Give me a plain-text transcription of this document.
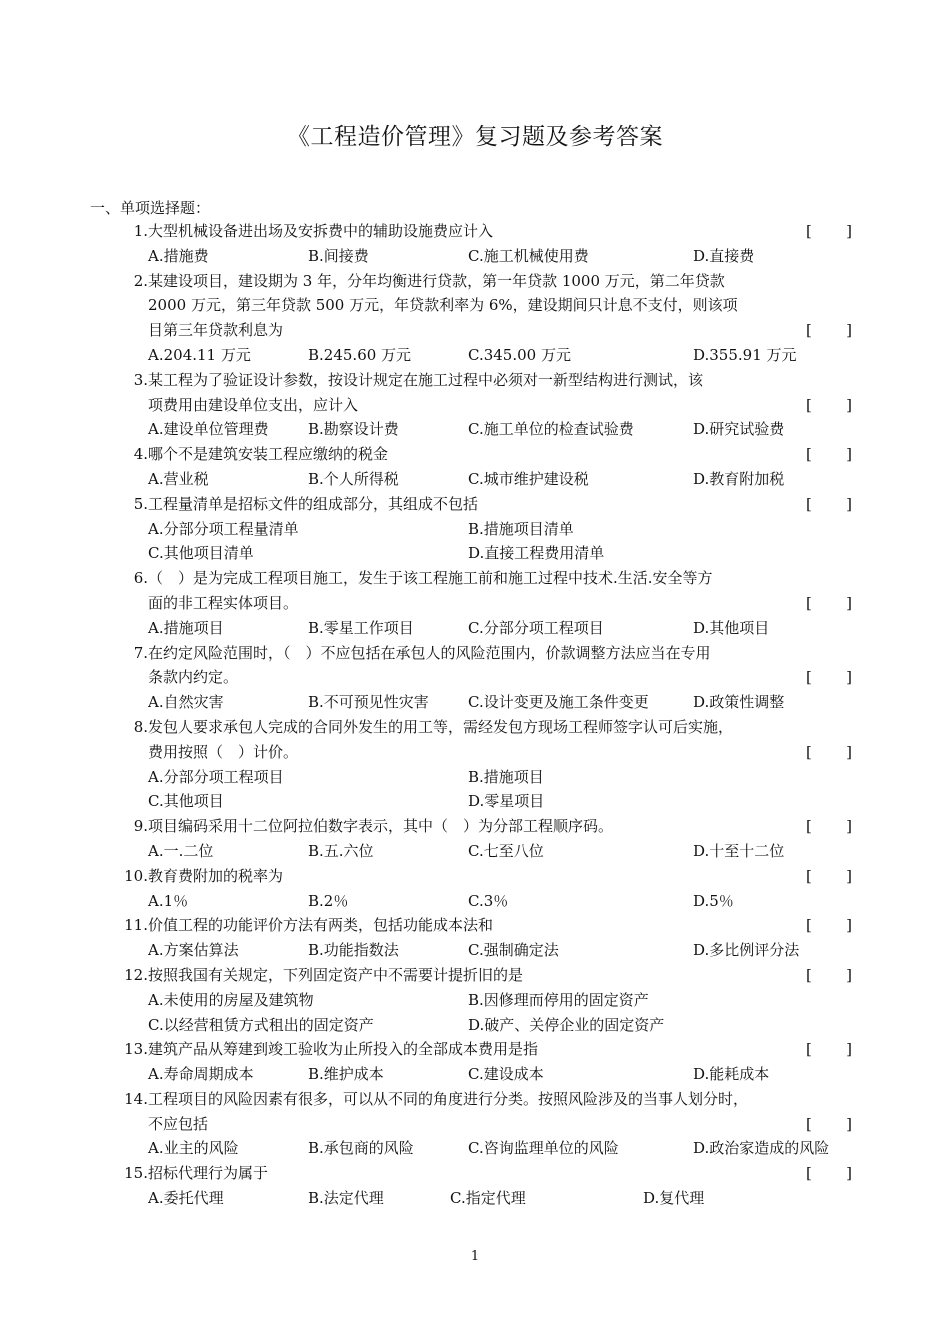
《工程造价管理》复习题及参考答案
一、单项选择题：
1. 大型机械设备进出场及安拆费中的辅助设施费应计入	[ ]
A.措施费	B.间接费	C.施工机械使用费	D.直接费
2. 某建设项目，建设期为 3 年，分年均衡进行贷款，第一年贷款 1000 万元，第二年贷款
2000 万元，第三年贷款 500 万元，年贷款利率为 6%，建设期间只计息不支付，则该项
目第三年贷款利息为	[ ]
A.204.11 万元	B.245.60 万元	C.345.00 万元	D.355.91 万元
3. 某工程为了验证设计参数，按设计规定在施工过程中必须对一新型结构进行测试，该
项费用由建设单位支出，应计入	[ ]
A.建设单位管理费	B.勘察设计费	C.施工单位的检查试验费	D.研究试验费
4. 哪个不是建筑安装工程应缴纳的税金	[ ]
A.营业税	B.个人所得税	C.城市维护建设税	D.教育附加税
5. 工程量清单是招标文件的组成部分，其组成不包括	[ ]
A.分部分项工程量清单	B.措施项目清单
C.其他项目清单	D.直接工程费用清单
6. （　）是为完成工程项目施工，发生于该工程施工前和施工过程中技术.生活.安全等方
面的非工程实体项目。	[ ]
A.措施项目	B.零星工作项目	C.分部分项工程项目	D.其他项目
7. 在约定风险范围时，（　）不应包括在承包人的风险范围内，价款调整方法应当在专用
条款内约定。	[ ]
A.自然灾害	B.不可预见性灾害	C.设计变更及施工条件变更	D.政策性调整
8. 发包人要求承包人完成的合同外发生的用工等，需经发包方现场工程师签字认可后实施，
费用按照（　）计价。	[ ]
A.分部分项工程项目	B.措施项目
C.其他项目	D.零星项目
9. 项目编码采用十二位阿拉伯数字表示，其中（　）为分部工程顺序码。	[ ]
A.一.二位	B.五.六位	C.七至八位	D.十至十二位
10. 教育费附加的税率为	[ ]
A.1％	B.2％	C.3％	D.5％
11. 价值工程的功能评价方法有两类，包括功能成本法和	[ ]
A.方案估算法	B.功能指数法	C.强制确定法	D.多比例评分法
12. 按照我国有关规定，下列固定资产中不需要计提折旧的是	[ ]
A.未使用的房屋及建筑物	B.因修理而停用的固定资产
C.以经营租赁方式租出的固定资产	D.破产、关停企业的固定资产
13. 建筑产品从筹建到竣工验收为止所投入的全部成本费用是指	[ ]
A.寿命周期成本	B.维护成本	C.建设成本	D.能耗成本
14. 工程项目的风险因素有很多，可以从不同的角度进行分类。按照风险涉及的当事人划分时，
不应包括	[ ]
A.业主的风险	B.承包商的风险	C.咨询监理单位的风险	D.政治家造成的风险
15. 招标代理行为属于	[ ]
A.委托代理	B.法定代理	C.指定代理	D.复代理
1
